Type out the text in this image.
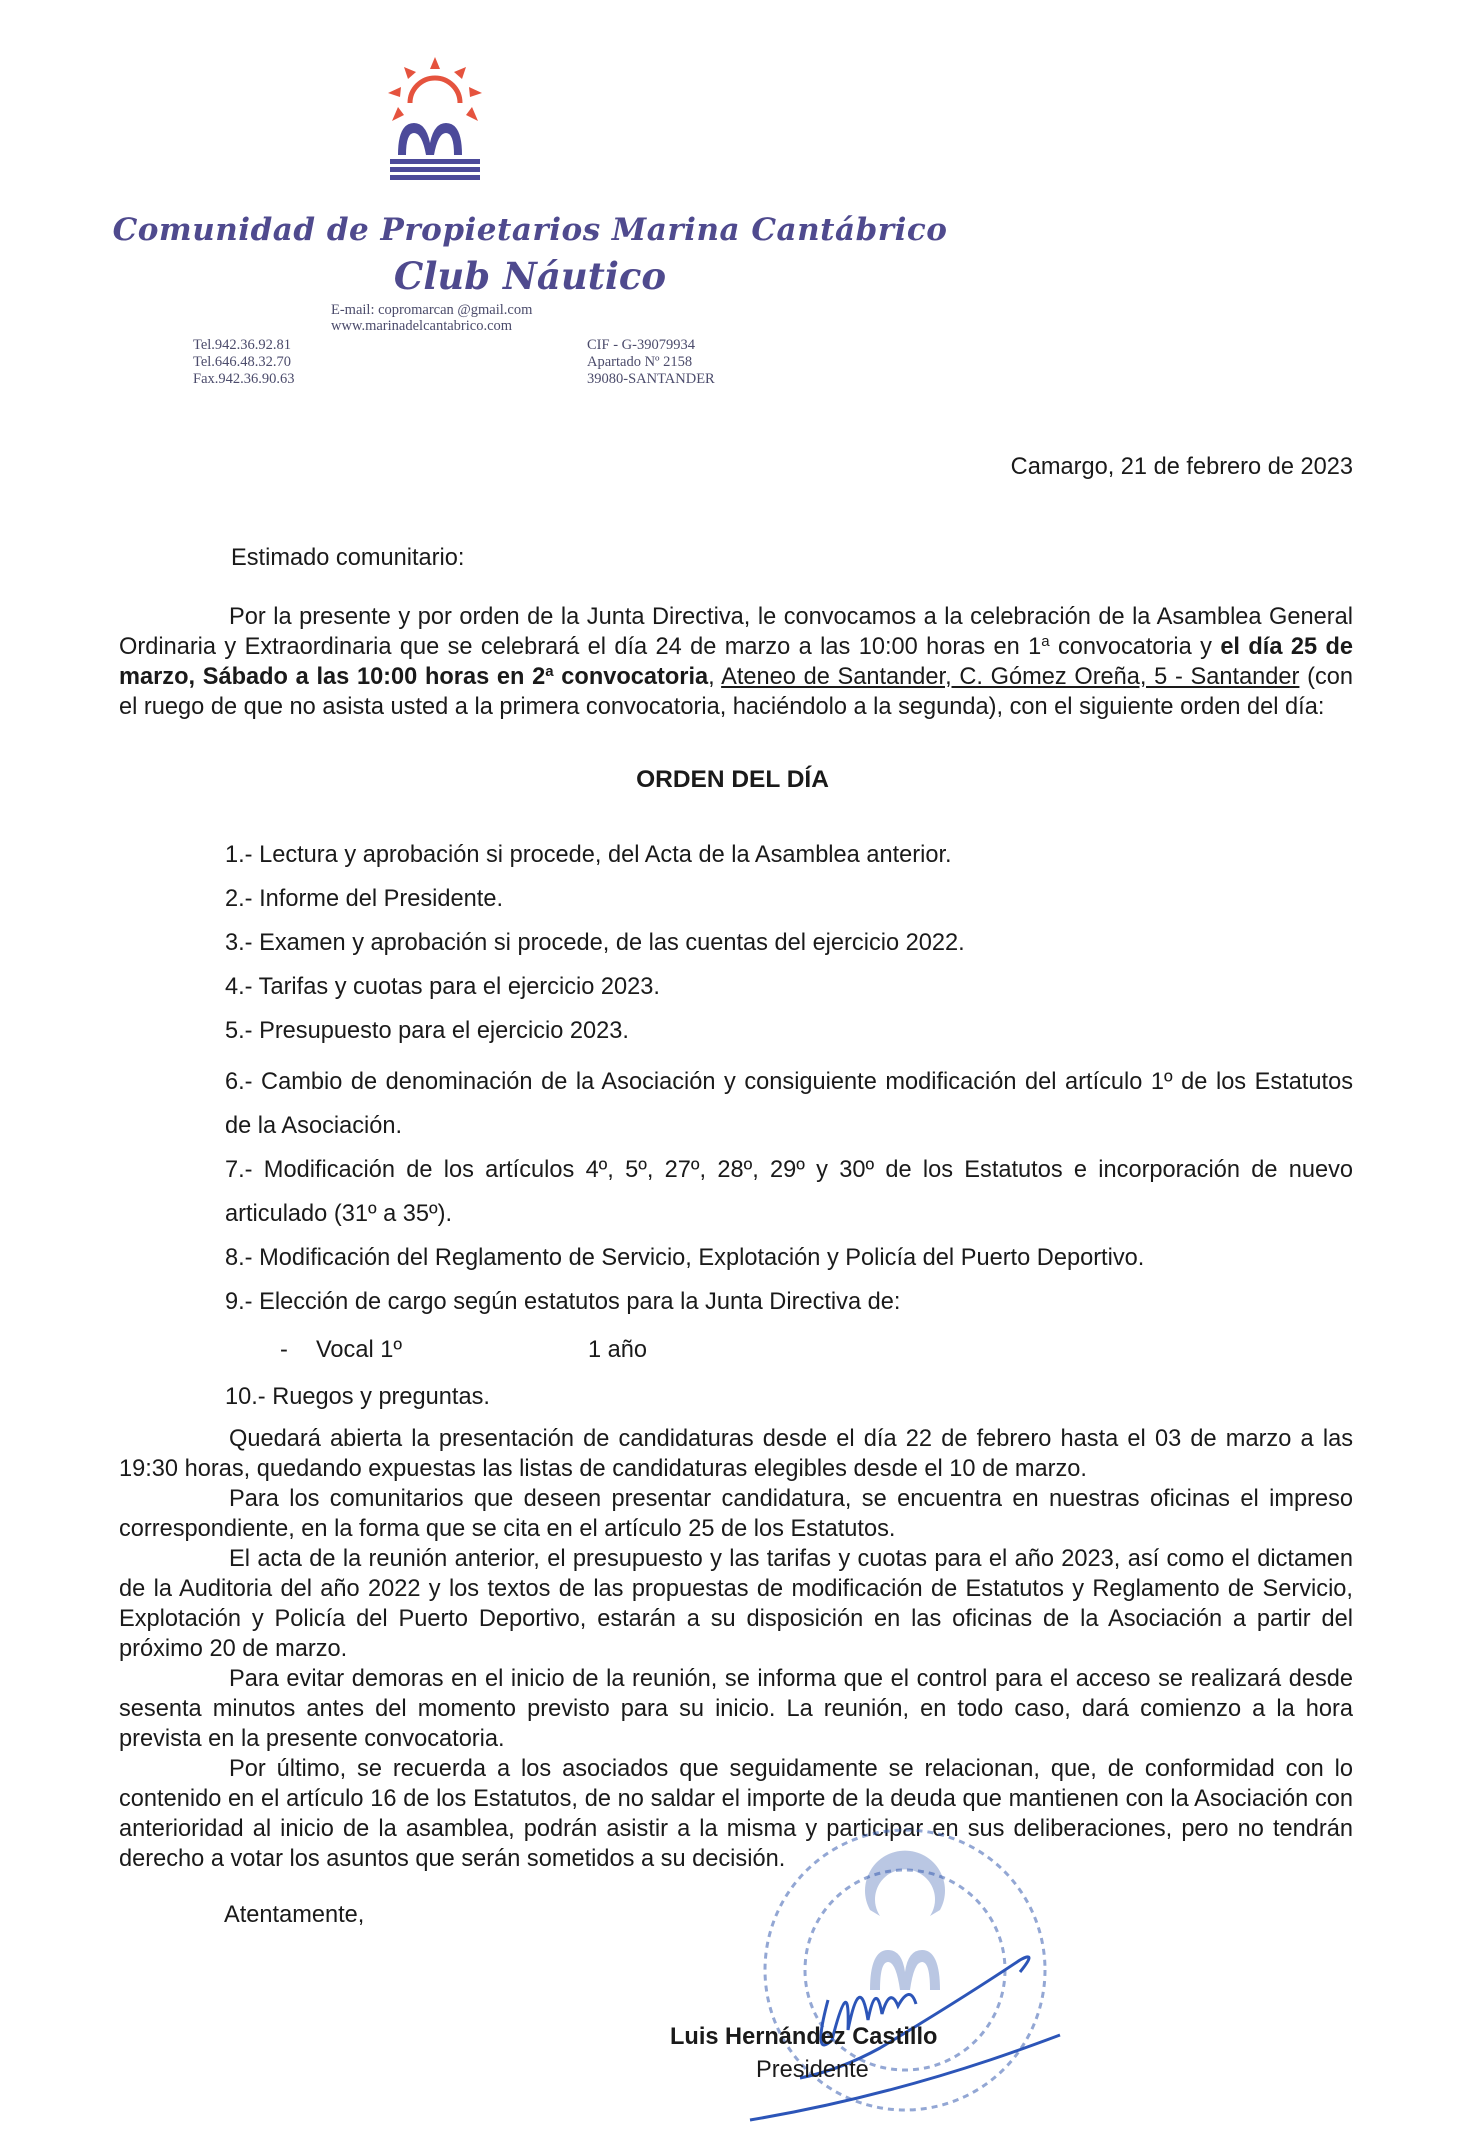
Comunidad de Propietarios Marina Cantábrico
Club Náutico
E-mail: copromarcan @gmail.com
www.marinadelcantabrico.com
Tel.942.36.92.81
Tel.646.48.32.70
Fax.942.36.90.63
CIF - G-39079934
Apartado Nº 2158
39080-SANTANDER
Camargo, 21 de febrero de 2023
Estimado comunitario:
Por la presente y por orden de la Junta Directiva, le convocamos a la celebración de la Asamblea General Ordinaria y Extraordinaria que se celebrará el día 24 de marzo a las 10:00 horas en 1$^a$ convocatoria y el día 25 de marzo, Sábado a las 10:00 horas en 2$^a$ convocatoria, Ateneo de Santander, C. Gómez Oreña, 5 - Santander (con el ruego de que no asista usted a la primera convocatoria, haciéndolo a la segunda), con el siguiente orden del día:
ORDEN DEL DÍA
1.- Lectura y aprobación si procede, del Acta de la Asamblea anterior.
2.- Informe del Presidente.
3.- Examen y aprobación si procede, de las cuentas del ejercicio 2022.
4.- Tarifas y cuotas para el ejercicio 2023.
5.- Presupuesto para el ejercicio 2023.
6.- Cambio de denominación de la Asociación y consiguiente modificación del artículo 1º de los Estatutos de la Asociación.
7.- Modificación de los artículos 4º, 5º, 27º, 28º, 29º y 30º de los Estatutos e incorporación de nuevo articulado (31º a 35º).
8.- Modificación del Reglamento de Servicio, Explotación y Policía del Puerto Deportivo.
9.- Elección de cargo según estatutos para la Junta Directiva de:
- Vocal 1º	1 año
10.- Ruegos y preguntas.
Quedará abierta la presentación de candidaturas desde el día 22 de febrero hasta el 03 de marzo a las 19:30 horas, quedando expuestas las listas de candidaturas elegibles desde el 10 de marzo.
Para los comunitarios que deseen presentar candidatura, se encuentra en nuestras oficinas el impreso correspondiente, en la forma que se cita en el artículo 25 de los Estatutos.
El acta de la reunión anterior, el presupuesto y las tarifas y cuotas para el año 2023, así como el dictamen de la Auditoria del año 2022 y los textos de las propuestas de modificación de Estatutos y Reglamento de Servicio, Explotación y Policía del Puerto Deportivo, estarán a su disposición en las oficinas de la Asociación a partir del próximo 20 de marzo.
Para evitar demoras en el inicio de la reunión, se informa que el control para el acceso se realizará desde sesenta minutos antes del momento previsto para su inicio. La reunión, en todo caso, dará comienzo a la hora prevista en la presente convocatoria.
Por último, se recuerda a los asociados que seguidamente se relacionan, que, de conformidad con lo contenido en el artículo 16 de los Estatutos, de no saldar el importe de la deuda que mantienen con la Asociación con anterioridad al inicio de la asamblea, podrán asistir a la misma y participar en sus deliberaciones, pero no tendrán derecho a votar los asuntos que serán sometidos a su decisión.
Atentamente,
Luis Hernández Castillo
Presidente
